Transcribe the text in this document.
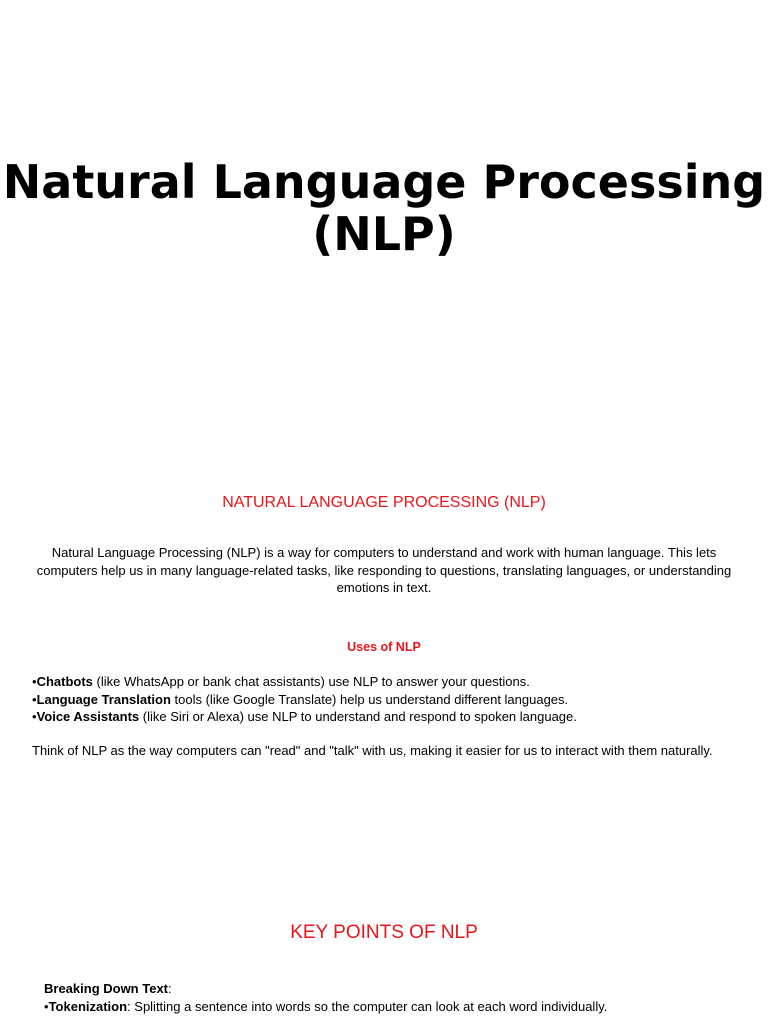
Natural Language Processing (NLP)
NATURAL LANGUAGE PROCESSING (NLP)

Natural Language Processing (NLP) is a way for computers to understand and work with human language. This lets computers help us in many language-related tasks, like responding to questions, translating languages, or understanding emotions in text.

Uses of NLP

•Chatbots (like WhatsApp or bank chat assistants) use NLP to answer your questions.
•Language Translation tools (like Google Translate) help us understand different languages.
•Voice Assistants (like Siri or Alexa) use NLP to understand and respond to spoken language.

Think of NLP as the way computers can "read" and "talk" with us, making it easier for us to interact with them naturally.

KEY POINTS OF NLP
Breaking Down Text:
•Tokenization: Splitting a sentence into words so the computer can look at each word individually.
